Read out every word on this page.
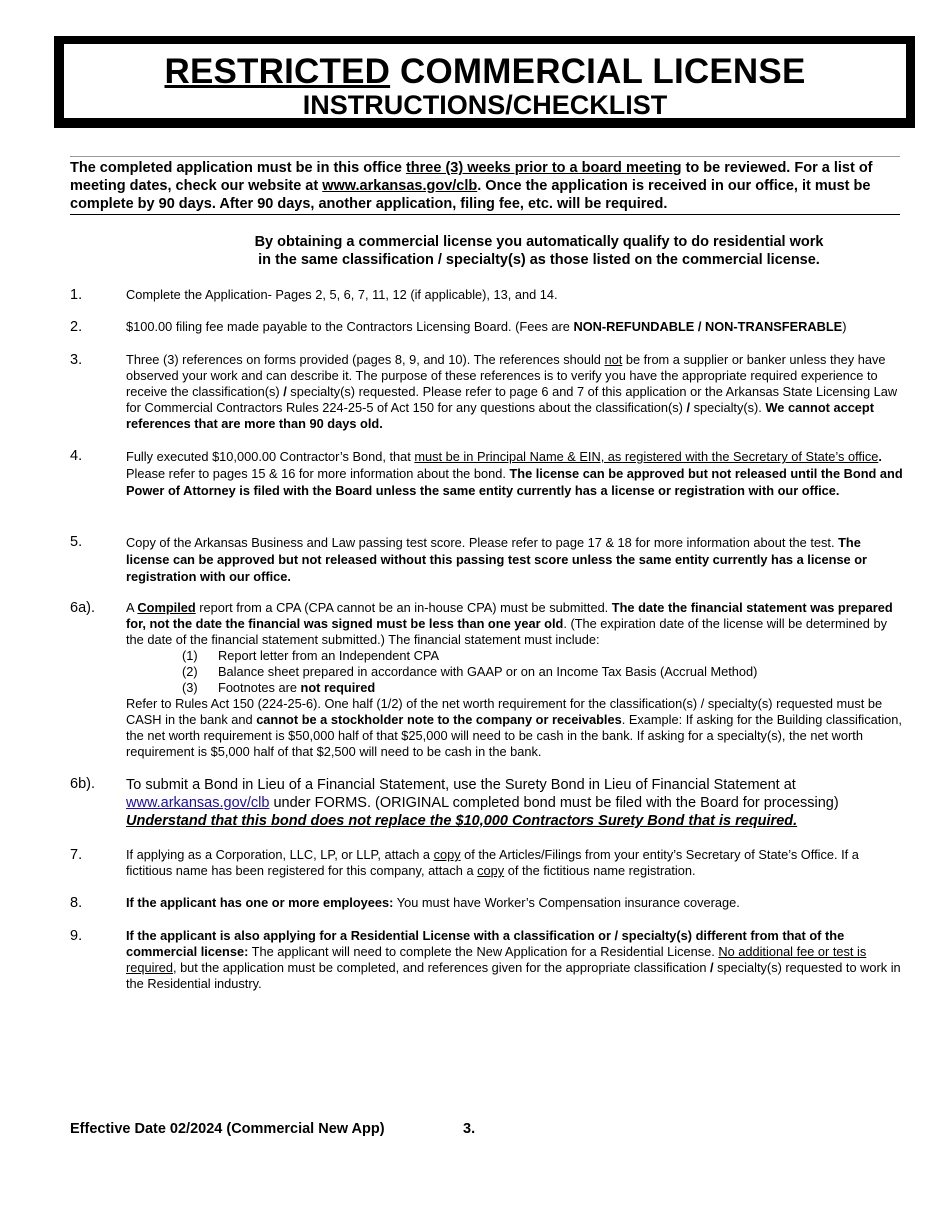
RESTRICTED COMMERCIAL LICENSE
INSTRUCTIONS/CHECKLIST
The completed application must be in this office three (3) weeks prior to a board meeting to be reviewed. For a list of meeting dates, check our website at www.arkansas.gov/clb. Once the application is received in our office, it must be complete by 90 days. After 90 days, another application, filing fee, etc. will be required.
By obtaining a commercial license you automatically qualify to do residential work
in the same classification / specialty(s) as those listed on the commercial license.
1.	Complete the Application- Pages 2, 5, 6, 7, 11, 12 (if applicable), 13, and 14.
2.	$100.00 filing fee made payable to the Contractors Licensing Board. (Fees are NON-REFUNDABLE / NON-TRANSFERABLE)
3.	Three (3) references on forms provided (pages 8, 9, and 10). The references should not be from a supplier or banker unless they have observed your work and can describe it. The purpose of these references is to verify you have the appropriate required experience to receive the classification(s) / specialty(s) requested. Please refer to page 6 and 7 of this application or the Arkansas State Licensing Law for Commercial Contractors Rules 224-25-5 of Act 150 for any questions about the classification(s) / specialty(s). We cannot accept references that are more than 90 days old.
4.	Fully executed $10,000.00 Contractor’s Bond, that must be in Principal Name & EIN, as registered with the Secretary of State’s office. Please refer to pages 15 & 16 for more information about the bond. The license can be approved but not released until the Bond and Power of Attorney is filed with the Board unless the same entity currently has a license or registration with our office.
5.	Copy of the Arkansas Business and Law passing test score. Please refer to page 17 & 18 for more information about the test. The license can be approved but not released without this passing test score unless the same entity currently has a license or registration with our office.
6a). A Compiled report from a CPA (CPA cannot be an in-house CPA) must be submitted. The date the financial statement was prepared for, not the date the financial was signed must be less than one year old. (The expiration date of the license will be determined by the date of the financial statement submitted.) The financial statement must include:
(1)	Report letter from an Independent CPA
(2)	Balance sheet prepared in accordance with GAAP or on an Income Tax Basis (Accrual Method)
(3)	Footnotes are not required
Refer to Rules Act 150 (224-25-6). One half (1/2) of the net worth requirement for the classification(s) / specialty(s) requested must be CASH in the bank and cannot be a stockholder note to the company or receivables. Example: If asking for the Building classification, the net worth requirement is $50,000 half of that $25,000 will need to be cash in the bank. If asking for a specialty(s), the net worth requirement is $5,000 half of that $2,500 will need to be cash in the bank.
6b). To submit a Bond in Lieu of a Financial Statement, use the Surety Bond in Lieu of Financial Statement at www.arkansas.gov/clb under FORMS. (ORIGINAL completed bond must be filed with the Board for processing) Understand that this bond does not replace the $10,000 Contractors Surety Bond that is required.
7.	If applying as a Corporation, LLC, LP, or LLP, attach a copy of the Articles/Filings from your entity’s Secretary of State’s Office. If a fictitious name has been registered for this company, attach a copy of the fictitious name registration.
8.	If the applicant has one or more employees: You must have Worker’s Compensation insurance coverage.
9.	If the applicant is also applying for a Residential License with a classification or / specialty(s) different from that of the commercial license: The applicant will need to complete the New Application for a Residential License. No additional fee or test is required, but the application must be completed, and references given for the appropriate classification / specialty(s) requested to work in the Residential industry.
Effective Date 02/2024 (Commercial New App)	3.
